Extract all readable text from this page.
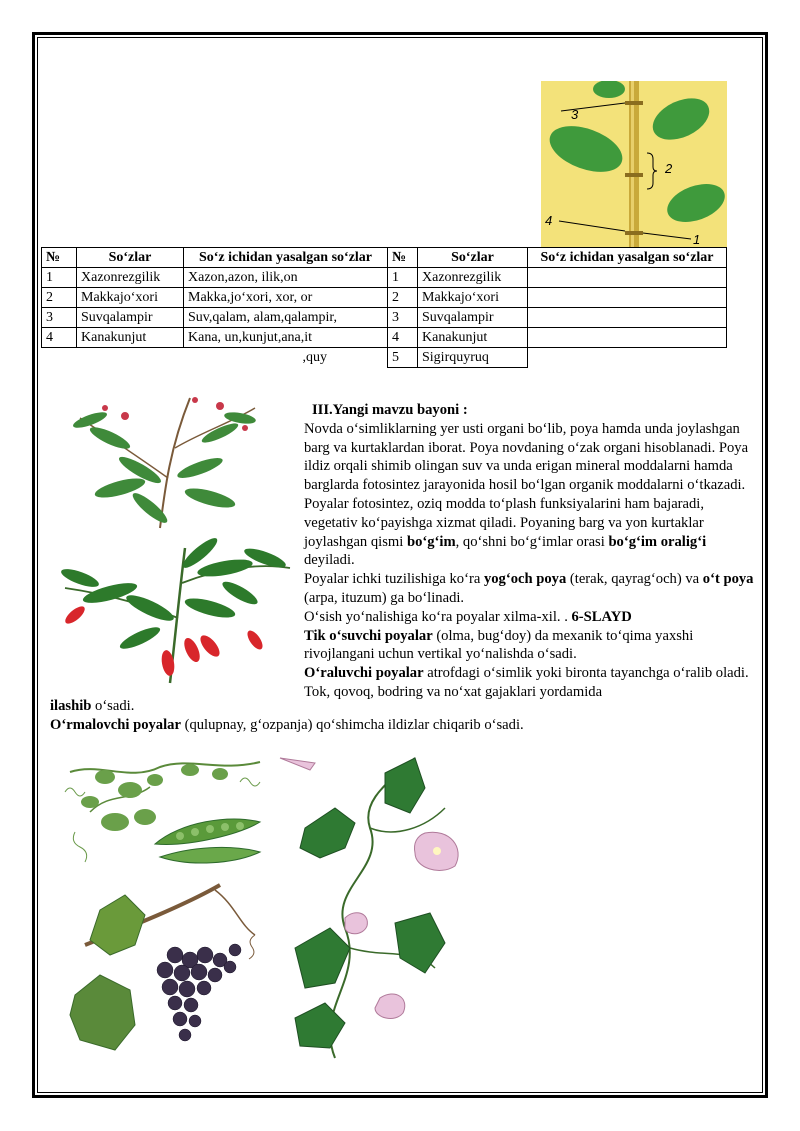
3
2
4
1
№	So‘zlar	So‘z ichidan yasalgan so‘zlar	№	So‘zlar	So‘z ichidan yasalgan so‘zlar
1	Xazonrezgilik	Xazon,azon, ilik,on	1	Xazonrezgilik	
2	Makkajo‘xori	Makka,jo‘xori, xor, or	2	Makkajo‘xori	
3	Suvqalampir	Suv,qalam, alam,qalampir,	3	Suvqalampir	
4	Kanakunjut	Kana, un,kunjut,ana,it	4	Kanakunjut	
		,quy	5	Sigirquyruq	

III.Yangi mavzu bayoni :

Novda o‘simliklarning yer usti organi bo‘lib, poya hamda unda joylashgan barg va kurtaklardan iborat. Poya novdaning o‘zak organi hisoblanadi. Poya ildiz orqali shimib olingan suv va unda erigan mineral moddalarni hamda barglarda fotosintez jarayonida hosil bo‘lgan organik moddalarni o‘tkazadi. Poyalar fotosintez, oziq modda to‘plash funksiyalarini ham bajaradi, vegetativ ko‘payishga xizmat qiladi. Poyaning barg va yon kurtaklar joylashgan qismi bo‘g‘im, qo‘shni bo‘g‘imlar orasi bo‘g‘im oralig‘i deyiladi.

Poyalar ichki tuzilishiga ko‘ra yog‘och poya (terak, qayrag‘och) va o‘t poya (arpa, ituzum) ga bo‘linadi.

O‘sish yo‘nalishiga ko‘ra poyalar xilma-xil. . 6-SLAYD

Tik o‘suvchi poyalar (olma, bug‘doy) da mexanik to‘qima yaxshi rivojlangani uchun vertikal yo‘nalishda o‘sadi.

O‘raluvchi poyalar atrofdagi o‘simlik yoki bironta tayanchga o‘ralib oladi. Tok, qovoq, bodring va no‘xat gajaklari yordamida

ilashib o‘sadi.

O‘rmalovchi poyalar (qulupnay, g‘ozpanja) qo‘shimcha ildizlar chiqarib o‘sadi.
